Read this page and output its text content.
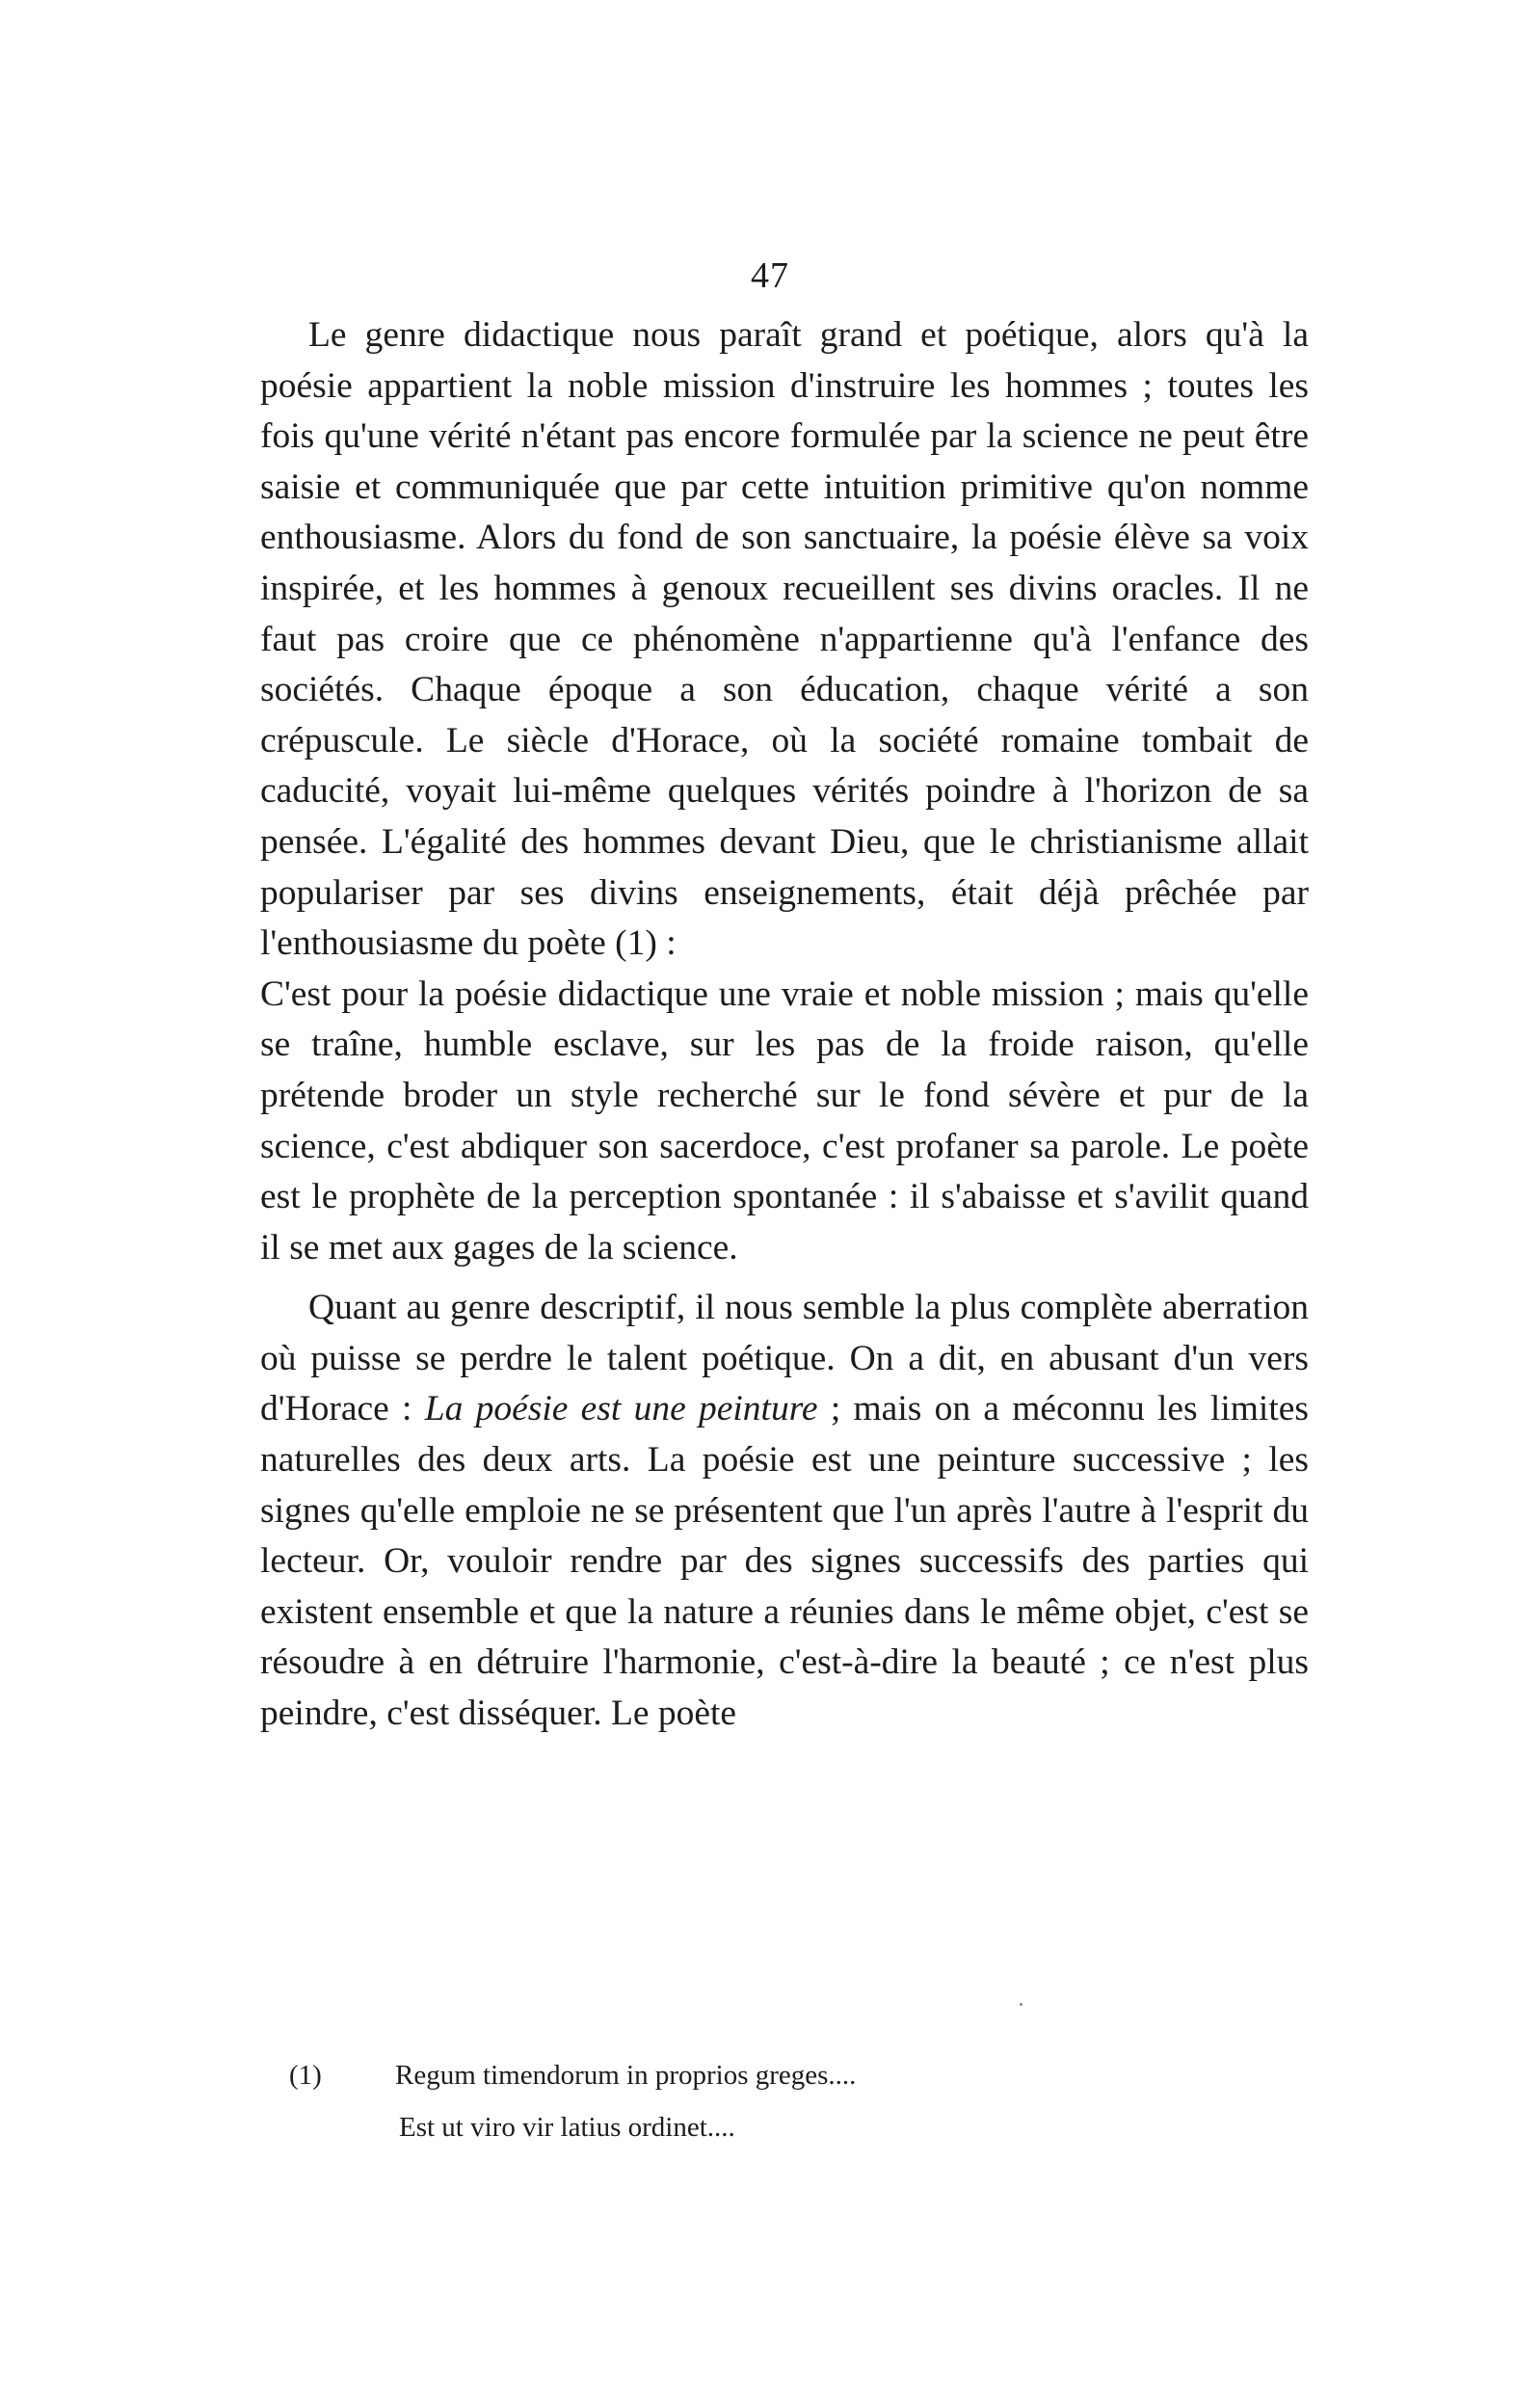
47

Le genre didactique nous paraît grand et poétique, alors qu'à la poésie appartient la noble mission d'instruire les hommes ; toutes les fois qu'une vérité n'étant pas encore formulée par la science ne peut être saisie et communiquée que par cette intuition primitive qu'on nomme enthousiasme. Alors du fond de son sanctuaire, la poésie élève sa voix inspirée, et les hommes à genoux recueillent ses divins oracles. Il ne faut pas croire que ce phénomène n'appartienne qu'à l'enfance des sociétés. Chaque époque a son éducation, chaque vérité a son crépuscule. Le siècle d'Horace, où la société romaine tombait de caducité, voyait lui-même quelques vérités poindre à l'horizon de sa pensée. L'égalité des hommes devant Dieu, que le christianisme allait populariser par ses divins enseignements, était déjà prêchée par l'enthousiasme du poète (1) :

C'est pour la poésie didactique une vraie et noble mission ; mais qu'elle se traîne, humble esclave, sur les pas de la froide raison, qu'elle prétende broder un style recherché sur le fond sévère et pur de la science, c'est abdiquer son sacerdoce, c'est profaner sa parole. Le poète est le prophète de la perception spontanée : il s'abaisse et s'avilit quand il se met aux gages de la science.

Quant au genre descriptif, il nous semble la plus complète aberration où puisse se perdre le talent poétique. On a dit, en abusant d'un vers d'Horace : La poésie est une peinture ; mais on a méconnu les limites naturelles des deux arts. La poésie est une peinture successive ; les signes qu'elle emploie ne se présentent que l'un après l'autre à l'esprit du lecteur. Or, vouloir rendre par des signes successifs des parties qui existent ensemble et que la nature a réunies dans le même objet, c'est se résoudre à en détruire l'harmonie, c'est-à-dire la beauté ; ce n'est plus peindre, c'est disséquer. Le poète

(1)	Regum timendorum in proprios greges....
Est ut viro vir latius ordinet....
